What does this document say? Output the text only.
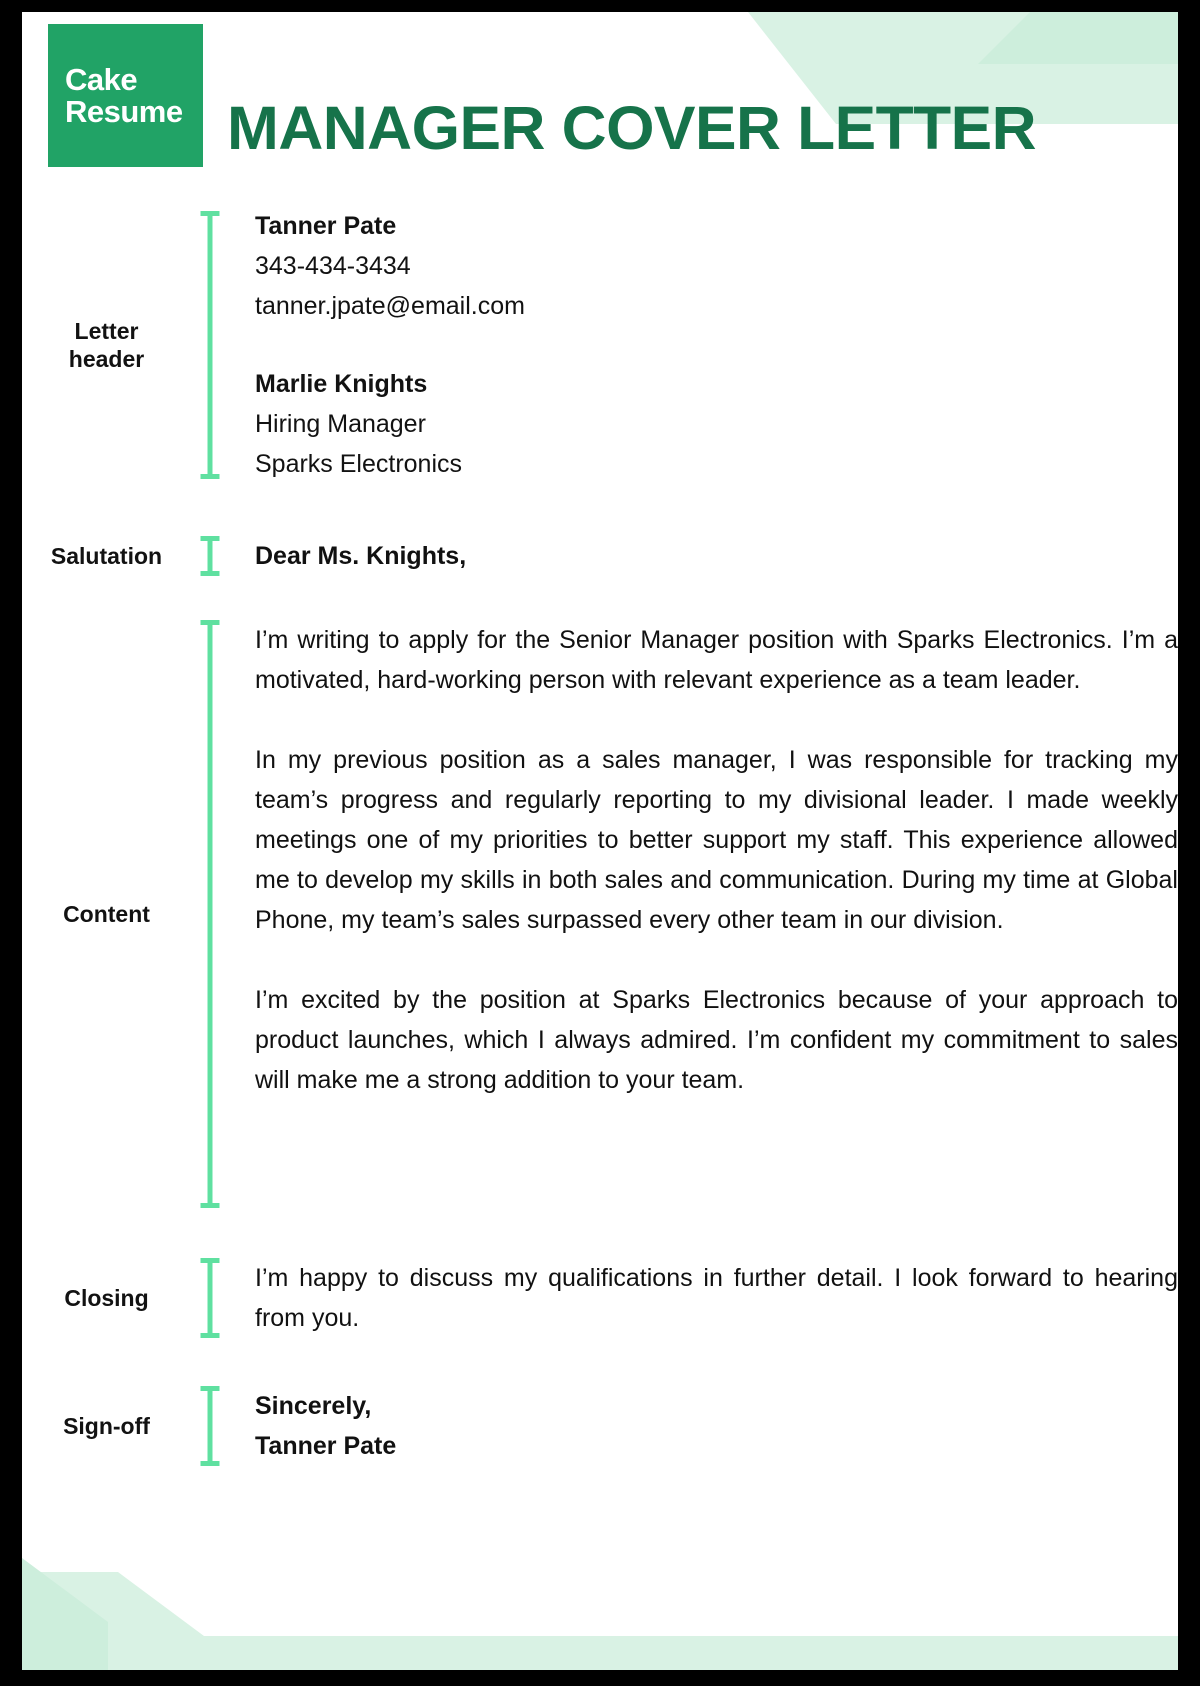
Cake
Resume MANAGER COVER LETTER
Letter
header
Tanner Pate
343-434-3434
tanner.jpate@email.com
Marlie Knights
Hiring Manager
Sparks Electronics
Salutation	Dear Ms. Knights,
Content

I’m writing to apply for the Senior Manager position with Sparks Electronics. I’m a motivated, hard-working person with relevant experience as a team leader.

In my previous position as a sales manager, I was responsible for tracking my team’s progress and regularly reporting to my divisional leader. I made weekly meetings one of my priorities to better support my staff. This experience allowed me to develop my skills in both sales and communication. During my time at Global Phone, my team’s sales surpassed every other team in our division.

I’m excited by the position at Sparks Electronics because of your approach to product launches, which I always admired. I’m confident my commitment to sales will make me a strong addition to your team.

Closing

I’m happy to discuss my qualifications in further detail. I look forward to hearing from you.

Sign-off
Sincerely,
Tanner Pate
